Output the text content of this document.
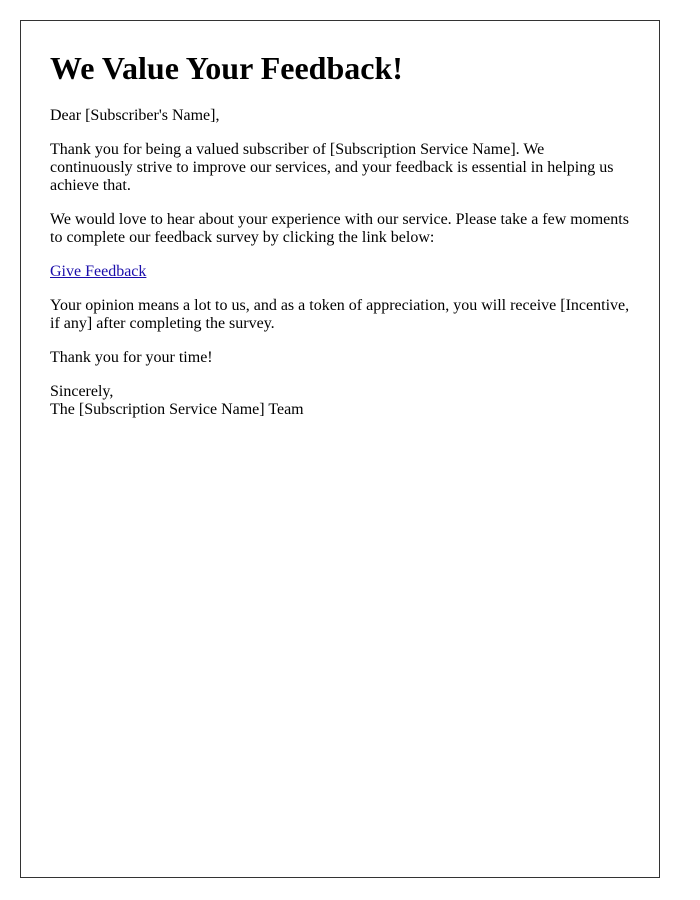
We Value Your Feedback!

Dear [Subscriber's Name],

Thank you for being a valued subscriber of [Subscription Service Name]. We continuously strive to improve our services, and your feedback is essential in helping us achieve that.

We would love to hear about your experience with our service. Please take a few moments to complete our feedback survey by clicking the link below:

Give Feedback

Your opinion means a lot to us, and as a token of appreciation, you will receive [Incentive, if any] after completing the survey.

Thank you for your time!

Sincerely,
The [Subscription Service Name] Team
